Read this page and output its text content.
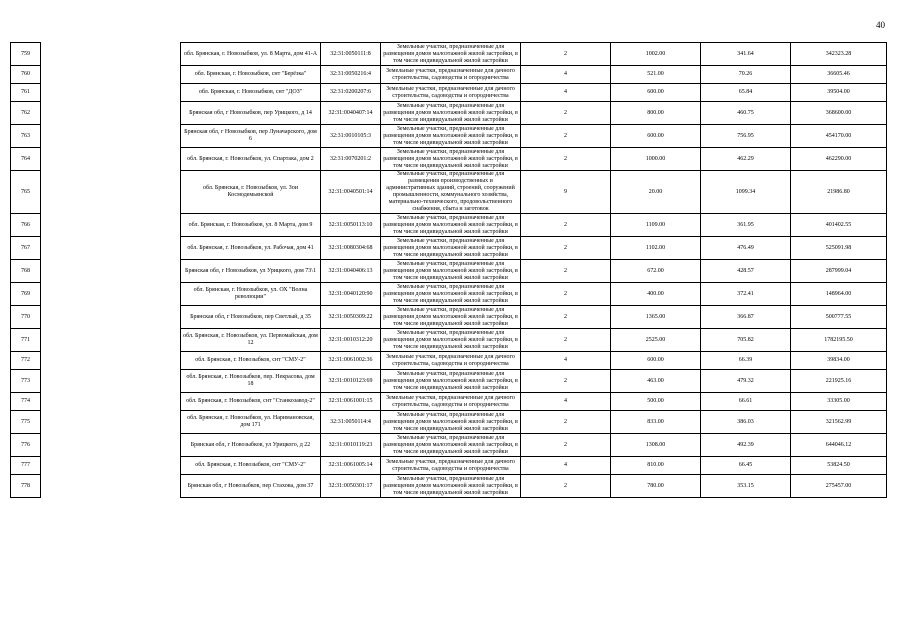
40
759		обл. Брянская, г. Новозыбков, ул. 8 Марта, дом 41-А	32:31:0050111:8	Земельные участки, предназначенные для размещения домов малоэтажной жилой застройки, в том числе индивидуальной жилой застройки	2	1002.00	341.64	342323.28
760		обл. Брянская, г. Новозыбков, снт "Берёзка"	32:31:0050216:4	Земельные участки, предназначенные для дачного строительства, садоводства и огородничества	4	521.00	70.26	36605.46
761		обл. Брянская, г. Новозыбков, снт "ДОЗ"	32:31:0200207:6	Земельные участки, предназначенные для дачного строительства, садоводства и огородничества	4	600.00	65.84	39504.00
762		Брянская обл, г Новозыбков, пер Урицкого, д 14	32:31:0040407:14	Земельные участки, предназначенные для размещения домов малоэтажной жилой застройки, в том числе индивидуальной жилой застройки	2	800.00	460.75	368600.00
763		Брянская обл, г Новозыбков, пер Луначарского, дом 6	32:31:0010105:3	Земельные участки, предназначенные для размещения домов малоэтажной жилой застройки, в том числе индивидуальной жилой застройки	2	600.00	756.95	454170.00
764		обл. Брянская, г. Новозыбков, ул. Спартака, дом 2	32:31:0070201:2	Земельные участки, предназначенные для размещения домов малоэтажной жилой застройки, в том числе индивидуальной жилой застройки	2	1000.00	462.29	462290.00
765		обл. Брянская, г. Новозыбков, ул. Зои Космодемьянской	32:31:0040501:14	Земельные участки, предназначенные для размещения производственных и административных зданий, строений, сооружений промышленности, коммунального хозяйства, материально-технического, продовольственного снабжения, сбыта и заготовок	9	20.00	1099.34	21986.80
766		обл. Брянская, г. Новозыбков, ул. 8 Марта, дом 9	32:31:0050113:10	Земельные участки, предназначенные для размещения домов малоэтажной жилой застройки, в том числе индивидуальной жилой застройки	2	1109.00	361.95	401402.55
767		обл. Брянская, г. Новозыбков, ул. Рабочая, дом 41	32:31:0080304:68	Земельные участки, предназначенные для размещения домов малоэтажной жилой застройки, в том числе индивидуальной жилой застройки	2	1102.00	476.49	525091.98
768		Брянская обл, г Новозыбков, ул Урицкого, дом 73\1	32:31:0040406:13	Земельные участки, предназначенные для размещения домов малоэтажной жилой застройки, в том числе индивидуальной жилой застройки	2	672.00	428.57	287999.04
769		обл. Брянская, г. Новозыбков, ул. ОХ "Волна революции"	32:31:0040120:90	Земельные участки, предназначенные для размещения домов малоэтажной жилой застройки, в том числе индивидуальной жилой застройки	2	400.00	372.41	148964.00
770		Брянская обл, г Новозыбков, пер Светлый, д 35	32:31:0050309:22	Земельные участки, предназначенные для размещения домов малоэтажной жилой застройки, в том числе индивидуальной жилой застройки	2	1365.00	366.87	500777.55
771		обл. Брянская, г. Новозыбков, ул. Первомайская, дом 12	32:31:0010312:20	Земельные участки, предназначенные для размещения домов малоэтажной жилой застройки, в том числе индивидуальной жилой застройки	2	2525.00	705.82	1782195.50
772		обл. Брянская, г. Новозыбков, снт "СМУ-2"	32:31:0061002:36	Земельные участки, предназначенные для дачного строительства, садоводства и огородничества	4	600.00	66.39	39834.00
773		обл. Брянская, г. Новозыбков, пер. Некрасова, дом 18	32:31:0010123:69	Земельные участки, предназначенные для размещения домов малоэтажной жилой застройки, в том числе индивидуальной жилой застройки	2	463.00	479.32	221925.16
774		обл. Брянская, г. Новозыбков, снт "Станкозавод-2"	32:31:0061001:15	Земельные участки, предназначенные для дачного строительства, садоводства и огородничества	4	500.00	66.61	33305.00
775		обл. Брянская, г. Новозыбков, ул. Наримановская, дом 171	32:31:0050114:4	Земельные участки, предназначенные для размещения домов малоэтажной жилой застройки, в том числе индивидуальной жилой застройки	2	833.00	386.03	321562.99
776		Брянская обл, г Новозыбков, ул Урицкого, д 22	32:31:0010119:23	Земельные участки, предназначенные для размещения домов малоэтажной жилой застройки, в том числе индивидуальной жилой застройки	2	1308.00	492.39	644046.12
777		обл. Брянская, г. Новозыбков, снт "СМУ-2"	32:31:0061005:14	Земельные участки, предназначенные для дачного строительства, садоводства и огородничества	4	810.00	66.45	53824.50
778		Брянская обл, г Новозыбков, пер Стахова, дом 37	32:31:0050301:17	Земельные участки, предназначенные для размещения домов малоэтажной жилой застройки, в том числе индивидуальной жилой застройки	2	780.00	353.15	275457.00
